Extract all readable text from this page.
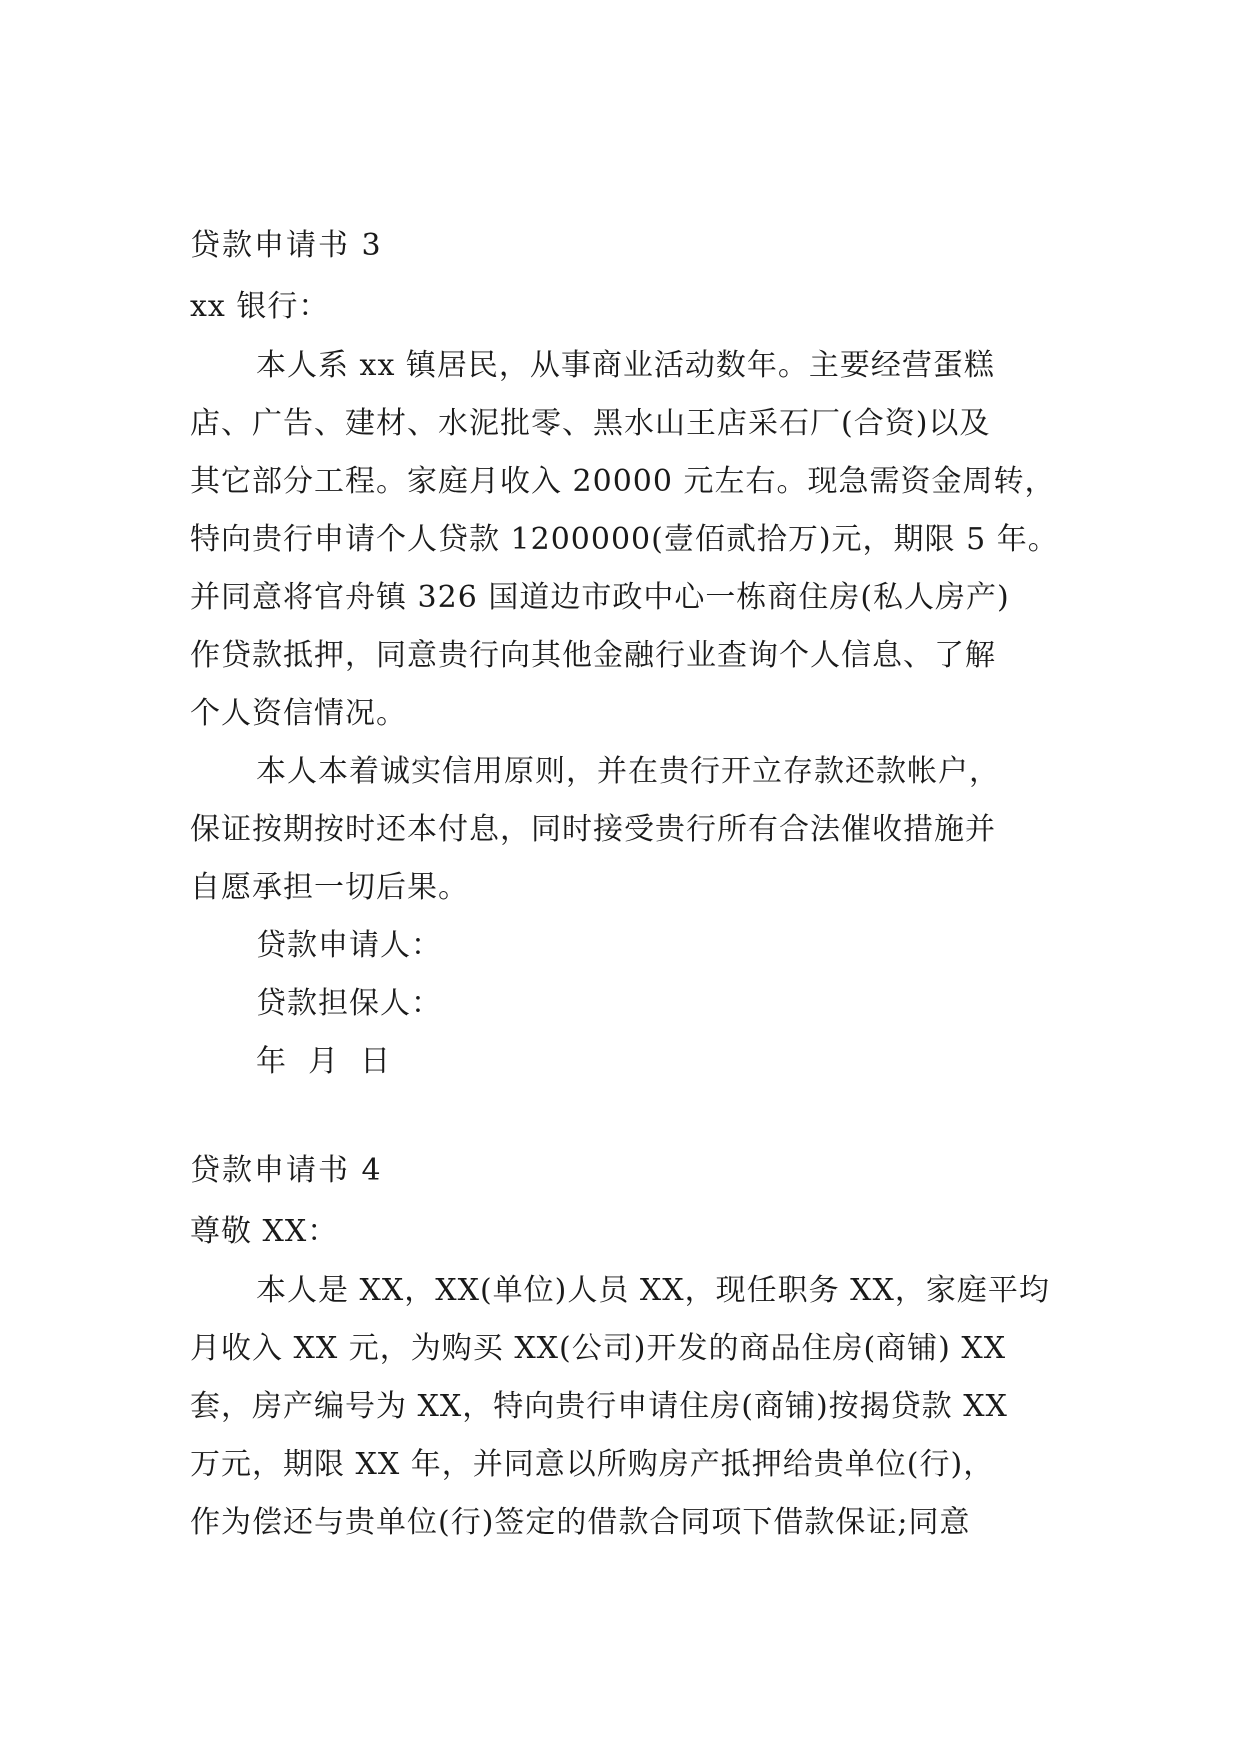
贷款申请书 3
xx 银行：
本人系 xx 镇居民，从事商业活动数年。主要经营蛋糕
店、广告、建材、水泥批零、黑水山王店采石厂(合资)以及
其它部分工程。家庭月收入 20000 元左右。现急需资金周转，
特向贵行申请个人贷款 1200000(壹佰贰拾万)元，期限 5 年。
并同意将官舟镇 326 国道边市政中心一栋商住房(私人房产)
作贷款抵押，同意贵行向其他金融行业查询个人信息、了解
个人资信情况。
本人本着诚实信用原则，并在贵行开立存款还款帐户，
保证按期按时还本付息，同时接受贵行所有合法催收措施并
自愿承担一切后果。
贷款申请人：
贷款担保人：
年  月  日
贷款申请书 4
尊敬 XX：
本人是 XX，XX(单位)人员 XX，现任职务 XX，家庭平均
月收入 XX 元，为购买 XX(公司)开发的商品住房(商铺) XX
套，房产编号为 XX，特向贵行申请住房(商铺)按揭贷款 XX
万元，期限 XX 年，并同意以所购房产抵押给贵单位(行)，
作为偿还与贵单位(行)签定的借款合同项下借款保证;同意
